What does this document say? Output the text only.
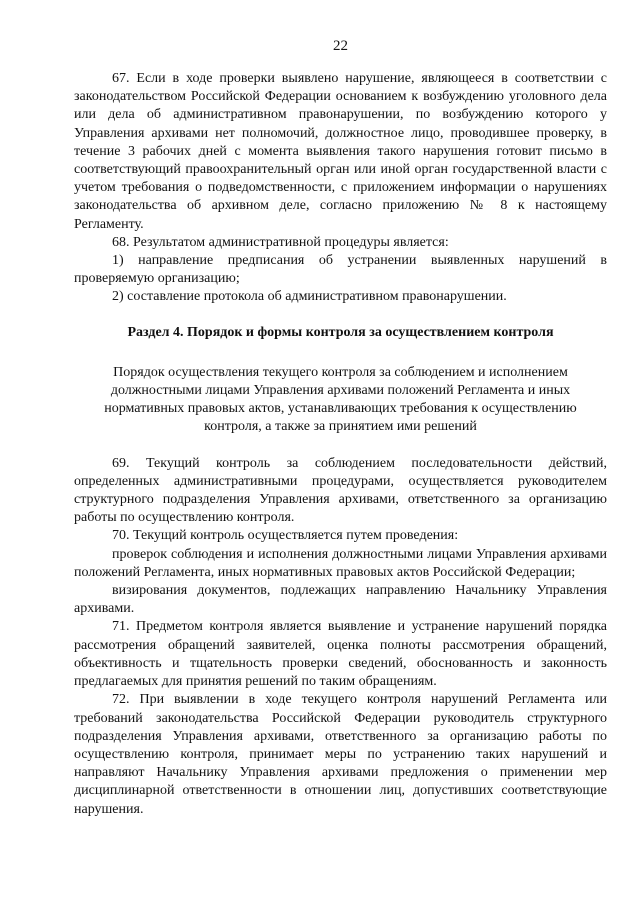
22

67. Если в ходе проверки выявлено нарушение, являющееся в соответствии с законодательством Российской Федерации основанием к возбуждению уголовного дела или дела об административном правонарушении, по возбуждению которого у Управления архивами нет полномочий, должностное лицо, проводившее проверку, в течение 3 рабочих дней с момента выявления такого нарушения готовит письмо в соответствующий правоохранительный орган или иной орган государственной власти с учетом требования о подведомственности, с приложением информации о нарушениях законодательства об архивном деле, согласно приложению № 8 к настоящему Регламенту.

68. Результатом административной процедуры является:

1) направление предписания об устранении выявленных нарушений в проверяемую организацию;

2) составление протокола об административном правонарушении.

Раздел 4. Порядок и формы контроля за осуществлением контроля

Порядок осуществления текущего контроля за соблюдением и исполнением должностными лицами Управления архивами положений Регламента и иных нормативных правовых актов, устанавливающих требования к осуществлению контроля, а также за принятием ими решений

69. Текущий контроль за соблюдением последовательности действий, определенных административными процедурами, осуществляется руководителем структурного подразделения Управления архивами, ответственного за организацию работы по осуществлению контроля.

70. Текущий контроль осуществляется путем проведения:

проверок соблюдения и исполнения должностными лицами Управления архивами положений Регламента, иных нормативных правовых актов Российской Федерации;

визирования документов, подлежащих направлению Начальнику Управления архивами.

71. Предметом контроля является выявление и устранение нарушений порядка рассмотрения обращений заявителей, оценка полноты рассмотрения обращений, объективность и тщательность проверки сведений, обоснованность и законность предлагаемых для принятия решений по таким обращениям.

72. При выявлении в ходе текущего контроля нарушений Регламента или требований законодательства Российской Федерации руководитель структурного подразделения Управления архивами, ответственного за организацию работы по осуществлению контроля, принимает меры по устранению таких нарушений и направляют Начальнику Управления архивами предложения о применении мер дисциплинарной ответственности в отношении лиц, допустивших соответствующие нарушения.
